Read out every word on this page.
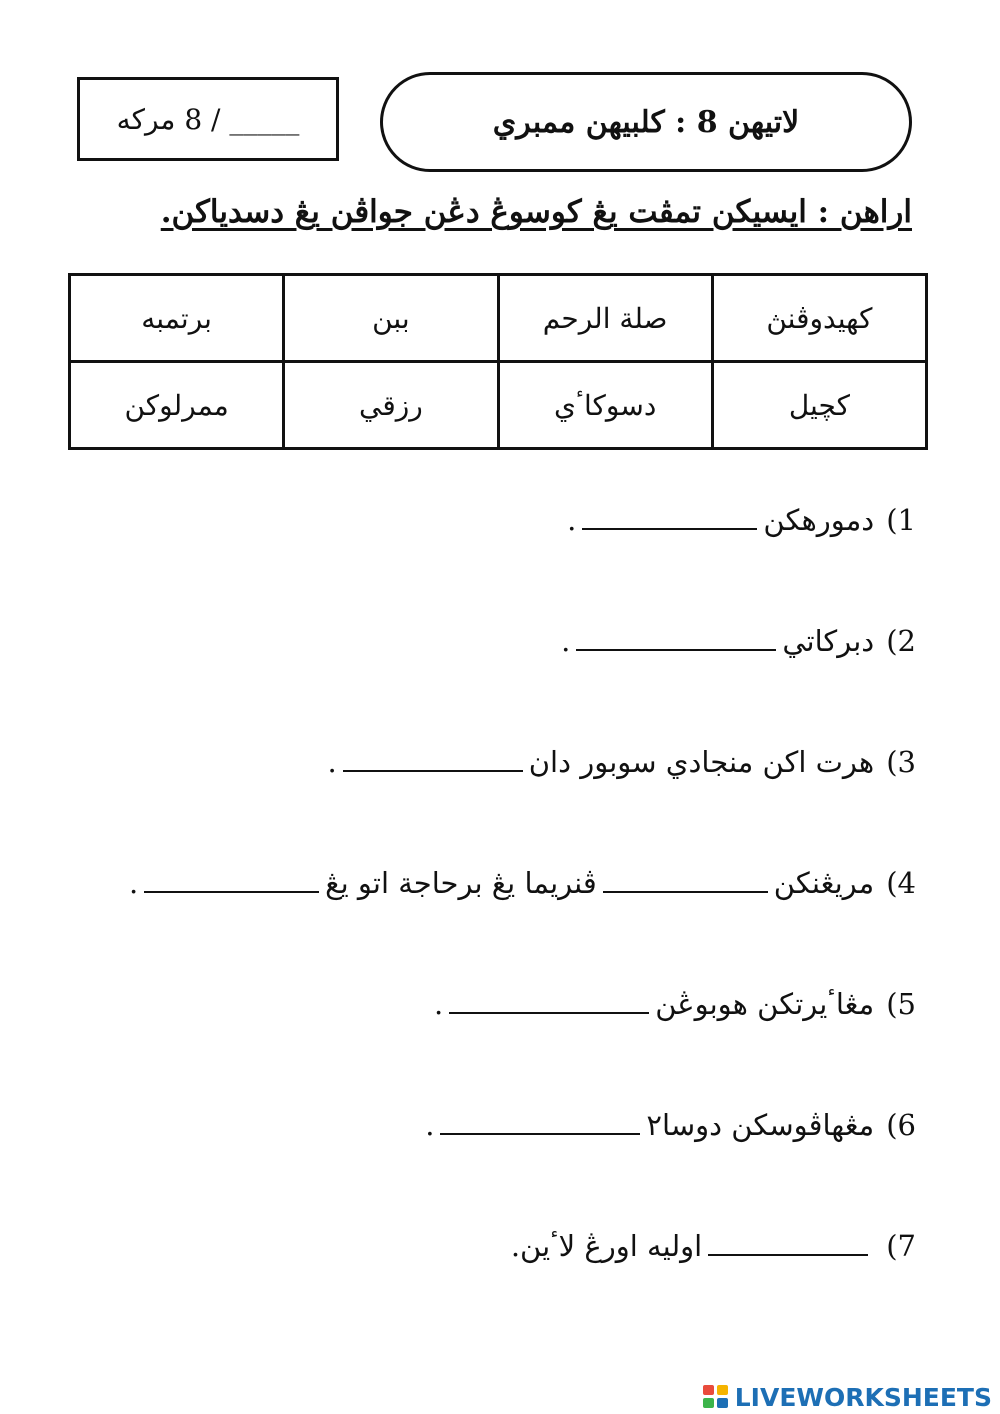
_____ / 8 مرکه	لاتيهن 8 : کلبيهن ممبري
اراهن : ايسيکن تمڤت يڠ کوسوڠ دڠن جواڤن يڠ دسدياکن.
کهيدوڤنڽ	صلة الرحم	ببن	برتمبه
کچيل	دسوکاٴي	رزقي	ممرلوکن
1)دمورهکن.
2)دبرکاتي.
3)هرت اکن منجادي سوبور دان.
4)مريڠنکنڤنريما يڠ برحاجة اتو يڠ.
5)مڠاٴيرتکن هوبوڠن.
6)مڠهاڤوسکن دوسا٢.
7)اوليه اورڠ لاٴين.
LIVEWORKSHEETS
